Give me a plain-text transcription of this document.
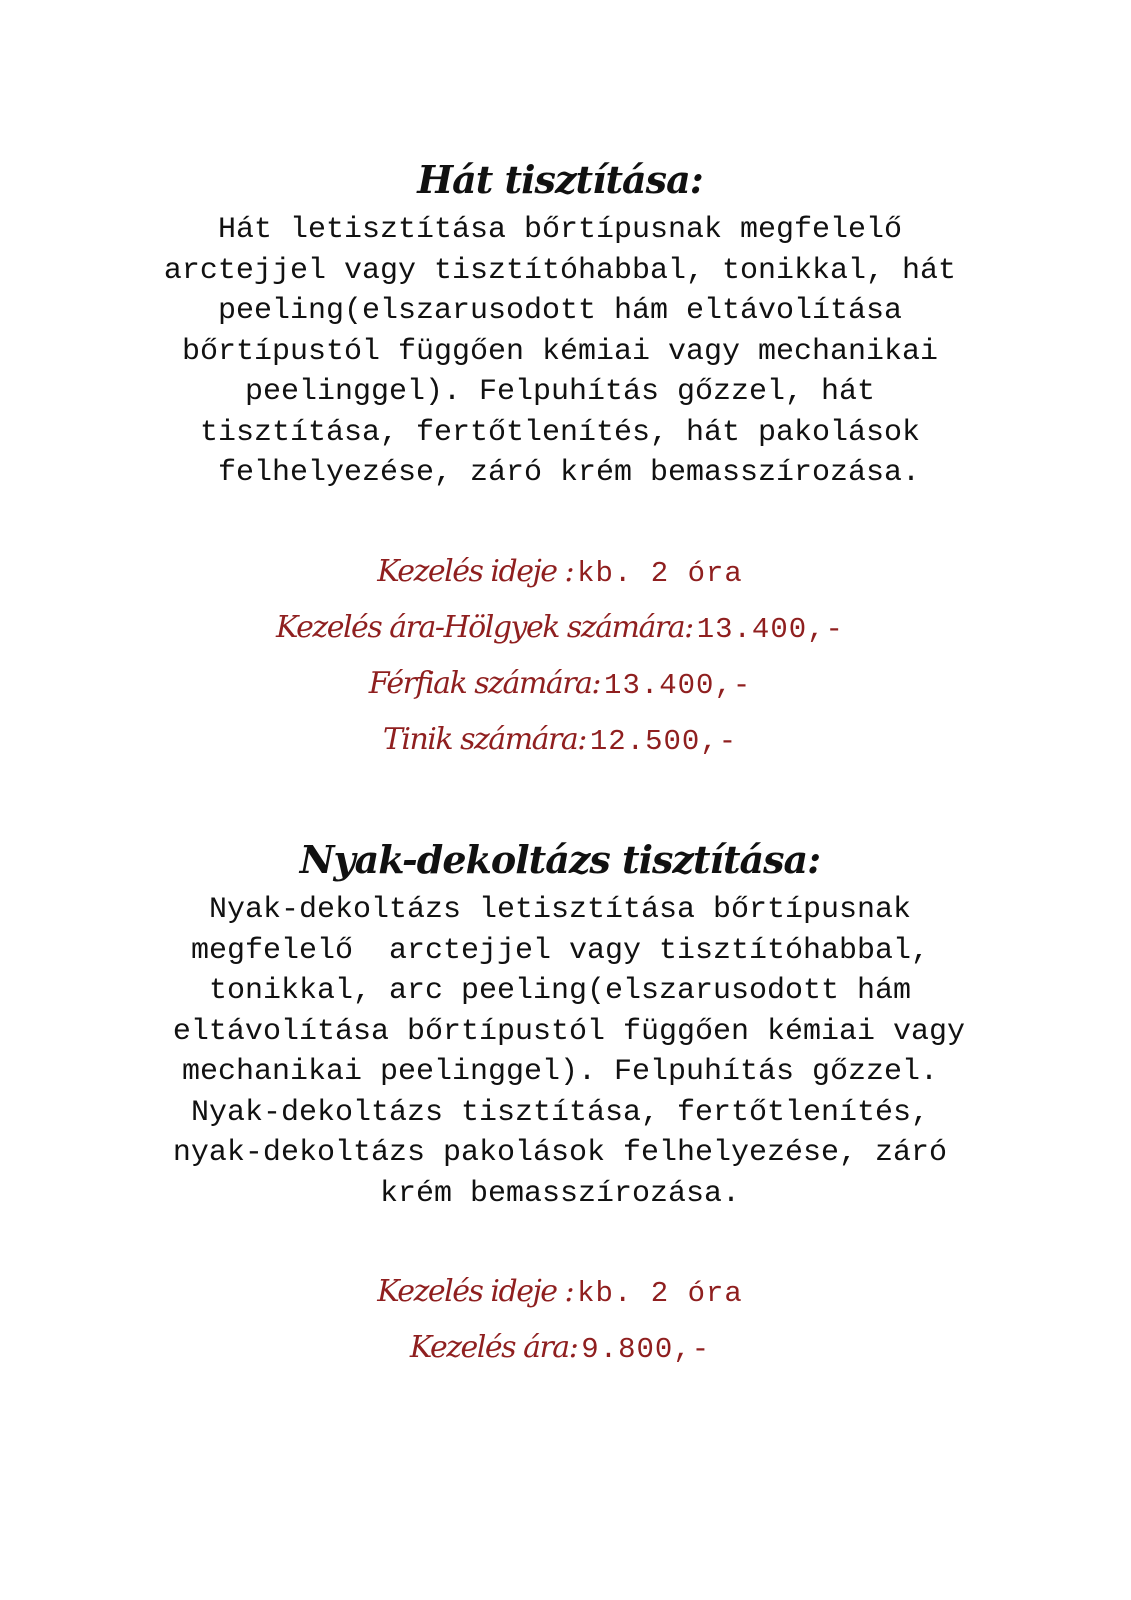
Hát tisztítása:

Hát letisztítása bőrtípusnak megfelelő
arctejjel vagy tisztítóhabbal, tonikkal, hát
peeling(elszarusodott hám eltávolítása
bőrtípustól függően kémiai vagy mechanikai
peelinggel). Felpuhítás gőzzel, hát
tisztítása, fertőtlenítés, hát pakolások
felhelyezése, záró krém bemasszírozása.

Kezelés ideje : kb. 2 óra
Kezelés ára-Hölgyek számára: 13.400,-
Férfiak számára: 13.400,-
Tinik számára: 12.500,-
Nyak-dekoltázs tisztítása:

Nyak-dekoltázs letisztítása bőrtípusnak
megfelelő  arctejjel vagy tisztítóhabbal,
tonikkal, arc peeling(elszarusodott hám
eltávolítása bőrtípustól függően kémiai vagy
mechanikai peelinggel). Felpuhítás gőzzel.
Nyak-dekoltázs tisztítása, fertőtlenítés,
nyak-dekoltázs pakolások felhelyezése, záró
krém bemasszírozása.

Kezelés ideje : kb. 2 óra
Kezelés ára: 9.800,-
